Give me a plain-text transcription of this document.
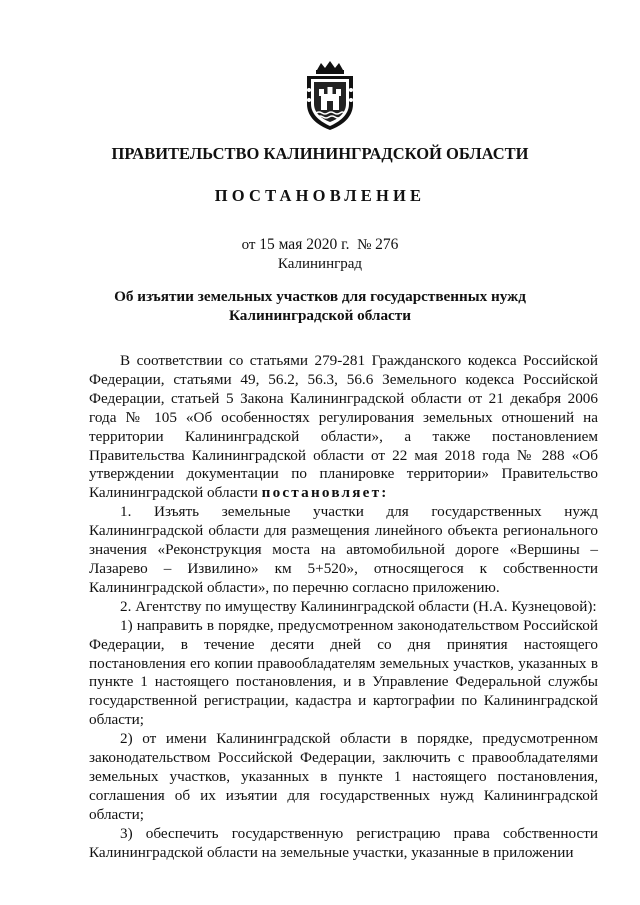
ПРАВИТЕЛЬСТВО КАЛИНИНГРАДСКОЙ ОБЛАСТИ
ПОСТАНОВЛЕНИЕ
от 15 мая 2020 г. № 276
Калининград
Об изъятии земельных участков для государственных нужд
Калининградской области

В соответствии со статьями 279-281 Гражданского кодекса Российской Федерации, статьями 49, 56.2, 56.3, 56.6 Земельного кодекса Российской Федерации, статьей 5 Закона Калининградской области от 21 декабря 2006 года № 105 «Об особенностях регулирования земельных отношений на территории Калининградской области», а также постановлением Правительства Калининградской области от 22 мая 2018 года № 288 «Об утверждении документации по планировке территории» Правительство Калининградской области постановляет:

1. Изъять земельные участки для государственных нужд Калининградской области для размещения линейного объекта регионального значения «Реконструкция моста на автомобильной дороге «Вершины – Лазарево – Извилино» км 5+520», относящегося к собственности Калининградской области», по перечню согласно приложению.

2. Агентству по имуществу Калининградской области (Н.А. Кузнецовой):

1) направить в порядке, предусмотренном законодательством Российской Федерации, в течение десяти дней со дня принятия настоящего постановления его копии правообладателям земельных участков, указанных в пункте 1 настоящего постановления, и в Управление Федеральной службы государственной регистрации, кадастра и картографии по Калининградской области;

2) от имени Калининградской области в порядке, предусмотренном законодательством Российской Федерации, заключить с правообладателями земельных участков, указанных в пункте 1 настоящего постановления, соглашения об их изъятии для государственных нужд Калининградской области;

3) обеспечить государственную регистрацию права собственности Калининградской области на земельные участки, указанные в приложении
